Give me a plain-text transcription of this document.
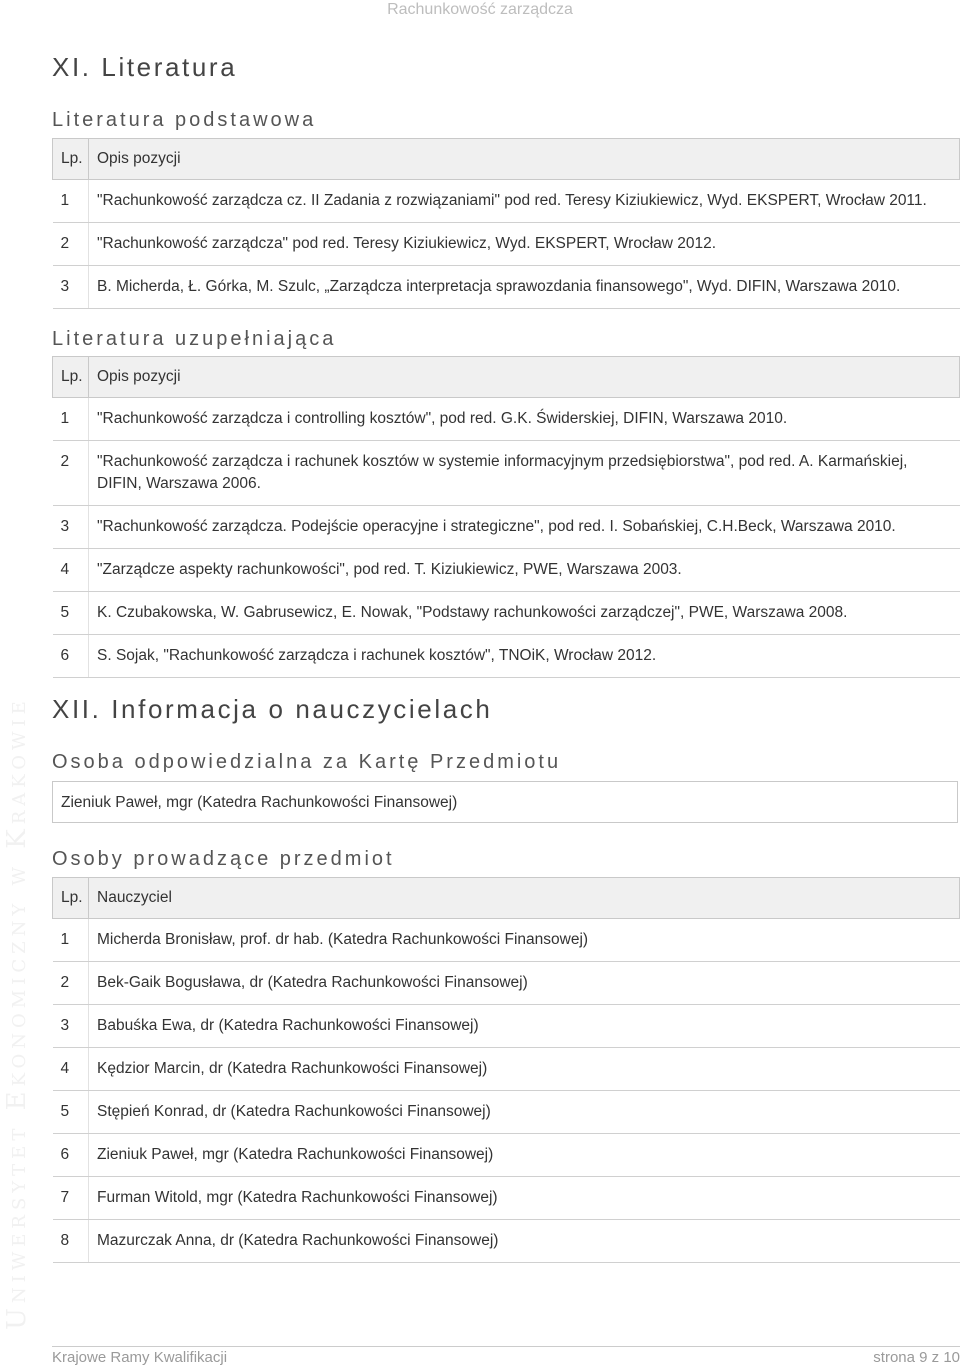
Rachunkowość zarządcza
Uniwersytet Ekonomiczny w Krakowie
XI. Literatura
Literatura podstawowa
Lp.	Opis pozycji
1	"Rachunkowość zarządcza cz. II Zadania z rozwiązaniami" pod red. Teresy Kiziukiewicz, Wyd. EKSPERT, Wrocław 2011.
2	"Rachunkowość zarządcza" pod red. Teresy Kiziukiewicz, Wyd. EKSPERT, Wrocław 2012.
3	B. Micherda, Ł. Górka, M. Szulc, „Zarządcza interpretacja sprawozdania finansowego", Wyd. DIFIN, Warszawa 2010.
Literatura uzupełniająca
Lp.	Opis pozycji
1	"Rachunkowość zarządcza i controlling kosztów", pod red. G.K. Świderskiej, DIFIN, Warszawa 2010.
2	"Rachunkowość zarządcza i rachunek kosztów w systemie informacyjnym przedsiębiorstwa", pod red. A. Karmańskiej, DIFIN, Warszawa 2006.
3	"Rachunkowość zarządcza. Podejście operacyjne i strategiczne", pod red. I. Sobańskiej, C.H.Beck, Warszawa 2010.
4	"Zarządcze aspekty rachunkowości", pod red. T. Kiziukiewicz, PWE, Warszawa 2003.
5	K. Czubakowska, W. Gabrusewicz, E. Nowak, "Podstawy rachunkowości zarządczej", PWE, Warszawa 2008.
6	S. Sojak, "Rachunkowość zarządcza i rachunek kosztów", TNOiK, Wrocław 2012.
XII. Informacja o nauczycielach
Osoba odpowiedzialna za Kartę Przedmiotu
Zieniuk Paweł, mgr (Katedra Rachunkowości Finansowej)
Osoby prowadzące przedmiot
Lp.	Nauczyciel
1	Micherda Bronisław, prof. dr hab. (Katedra Rachunkowości Finansowej)
2	Bek-Gaik Bogusława, dr (Katedra Rachunkowości Finansowej)
3	Babuśka Ewa, dr (Katedra Rachunkowości Finansowej)
4	Kędzior Marcin, dr (Katedra Rachunkowości Finansowej)
5	Stępień Konrad, dr (Katedra Rachunkowości Finansowej)
6	Zieniuk Paweł, mgr (Katedra Rachunkowości Finansowej)
7	Furman Witold, mgr (Katedra Rachunkowości Finansowej)
8	Mazurczak Anna, dr (Katedra Rachunkowości Finansowej)
Krajowe Ramy Kwalifikacji	strona 9 z 10
